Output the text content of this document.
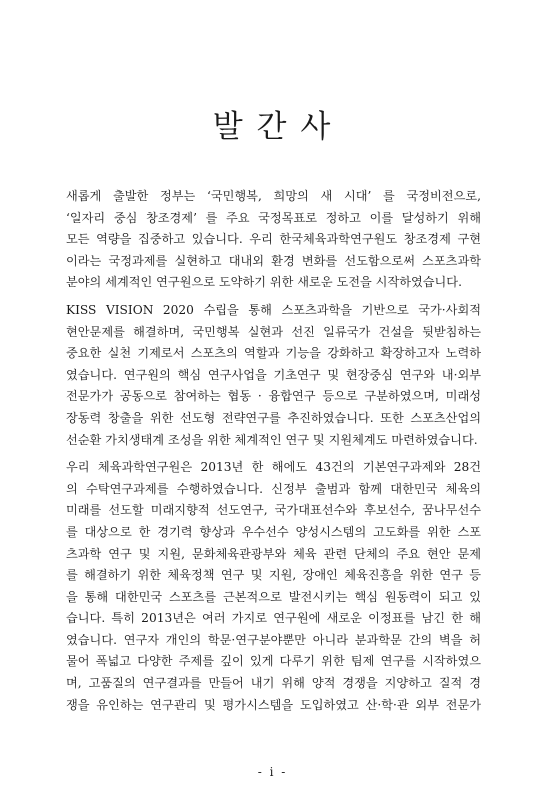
발 간 사
새롭게 출발한 정부는 ‘국민행복, 희망의 새 시대’ 를 국정비전으로,
‘일자리 중심 창조경제’ 를 주요 국정목표로 정하고 이를 달성하기 위해
모든 역량을 집중하고 있습니다. 우리 한국체육과학연구원도 창조경제 구현
이라는 국정과제를 실현하고 대내외 환경 변화를 선도함으로써 스포츠과학
분야의 세계적인 연구원으로 도약하기 위한 새로운 도전을 시작하였습니다.
KISS VISION 2020 수립을 통해 스포츠과학을 기반으로 국가·사회적
현안문제를 해결하며, 국민행복 실현과 선진 일류국가 건설을 뒷받침하는
중요한 실천 기제로서 스포츠의 역할과 기능을 강화하고 확장하고자 노력하
였습니다. 연구원의 핵심 연구사업을 기초연구 및 현장중심 연구와 내·외부
전문가가 공동으로 참여하는 협동 · 융합연구 등으로 구분하였으며, 미래성
장동력 창출을 위한 선도형 전략연구를 추진하였습니다. 또한 스포츠산업의
선순환 가치생태계 조성을 위한 체계적인 연구 및 지원체계도 마련하였습니다.
우리 체육과학연구원은 2013년 한 해에도 43건의 기본연구과제와 28건
의 수탁연구과제를 수행하였습니다. 신정부 출범과 함께 대한민국 체육의
미래를 선도할 미래지향적 선도연구, 국가대표선수와 후보선수, 꿈나무선수
를 대상으로 한 경기력 향상과 우수선수 양성시스템의 고도화를 위한 스포
츠과학 연구 및 지원, 문화체육관광부와 체육 관련 단체의 주요 현안 문제
를 해결하기 위한 체육정책 연구 및 지원, 장애인 체육진흥을 위한 연구 등
을 통해 대한민국 스포츠를 근본적으로 발전시키는 핵심 원동력이 되고 있
습니다. 특히 2013년은 여러 가지로 연구원에 새로운 이정표를 남긴 한 해
였습니다. 연구자 개인의 학문·연구분야뿐만 아니라 분과학문 간의 벽을 허
물어 폭넓고 다양한 주제를 깊이 있게 다루기 위한 팀제 연구를 시작하였으
며, 고품질의 연구결과를 만들어 내기 위해 양적 경쟁을 지양하고 질적 경
쟁을 유인하는 연구관리 및 평가시스템을 도입하였고 산·학·관 외부 전문가
- i -
